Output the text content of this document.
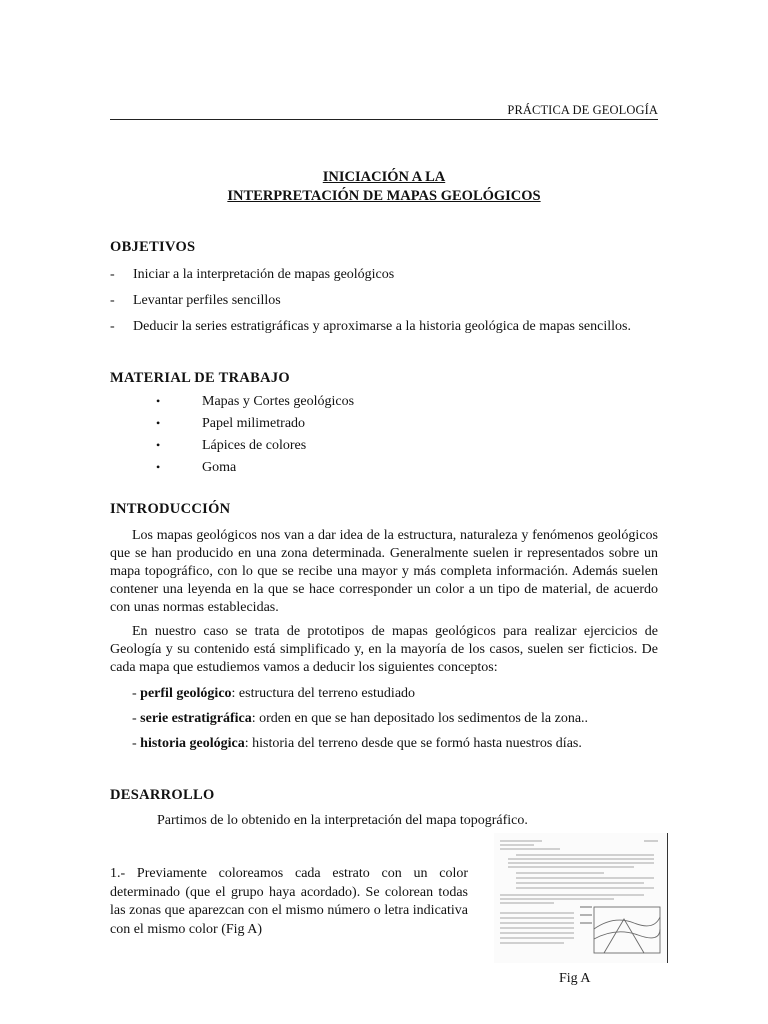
PRÁCTICA DE GEOLOGÍA
INICIACIÓN A LA
INTERPRETACIÓN DE MAPAS GEOLÓGICOS
OBJETIVOS
- Iniciar a la interpretación de mapas geológicos
- Levantar perfiles sencillos
- Deducir la series estratigráficas y aproximarse a la historia geológica de mapas sencillos.
MATERIAL DE TRABAJO
•	Mapas y Cortes geológicos
•	Papel milimetrado
•	Lápices de colores
•	Goma
INTRODUCCIÓN

Los mapas geológicos nos van a dar idea de la estructura, naturaleza y fenómenos geológicos que se han producido en una zona determinada. Generalmente suelen ir representados sobre un mapa topográfico, con lo que se recibe una mayor y más completa información. Además suelen contener una leyenda en la que se hace corresponder un color a un tipo de material, de acuerdo con unas normas establecidas.

En nuestro caso se trata de prototipos de mapas geológicos para realizar ejercicios de Geología y su contenido está simplificado y, en la mayoría de los casos, suelen ser ficticios. De cada mapa que estudiemos vamos a deducir los siguientes conceptos:

- perfil geológico: estructura del terreno estudiado
- serie estratigráfica: orden en que se han depositado los sedimentos de la zona..
- historia geológica: historia del terreno desde que se formó hasta nuestros días.
DESARROLLO
Partimos de lo obtenido en la interpretación del mapa topográfico.

1.- Previamente coloreamos cada estrato con un color determinado (que el grupo haya acordado). Se colorean todas las zonas que aparezcan con el mismo número o letra indicativa con el mismo color (Fig A)

Fig A
